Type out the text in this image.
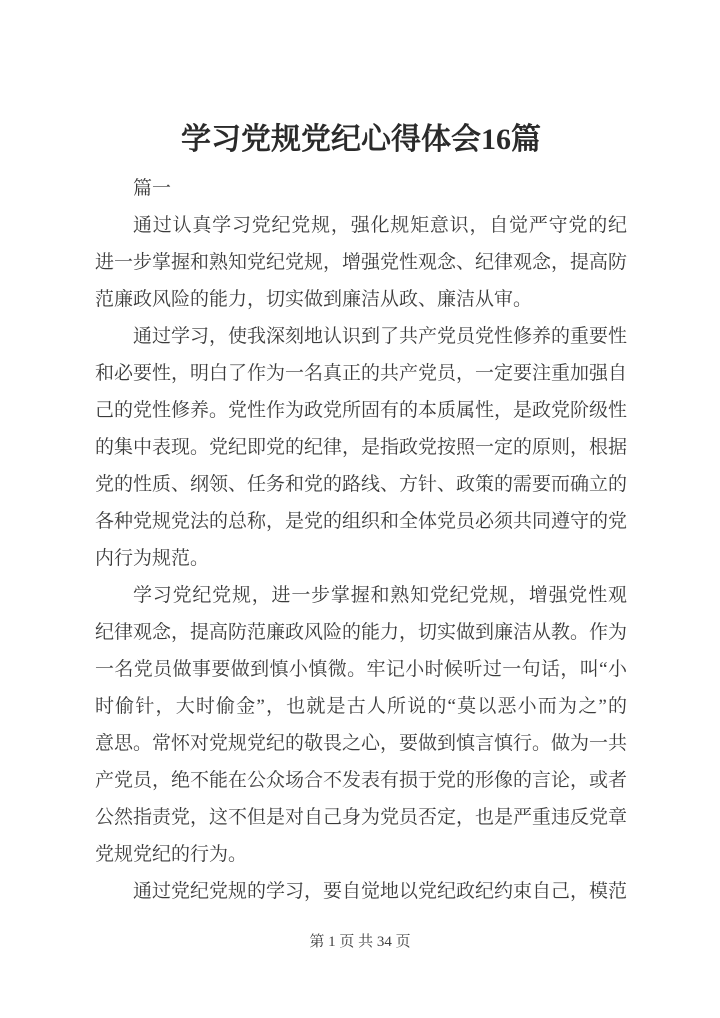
学习党规党纪心得体会16篇
篇一
通过认真学习党纪党规，强化规矩意识，自觉严守党的纪
进一步掌握和熟知党纪党规，增强党性观念、纪律观念，提高防
范廉政风险的能力，切实做到廉洁从政、廉洁从审。
通过学习，使我深刻地认识到了共产党员党性修养的重要性
和必要性，明白了作为一名真正的共产党员，一定要注重加强自
己的党性修养。党性作为政党所固有的本质属性，是政党阶级性
的集中表现。党纪即党的纪律，是指政党按照一定的原则，根据
党的性质、纲领、任务和党的路线、方针、政策的需要而确立的
各种党规党法的总称，是党的组织和全体党员必须共同遵守的党
内行为规范。
学习党纪党规，进一步掌握和熟知党纪党规，增强党性观
纪律观念，提高防范廉政风险的能力，切实做到廉洁从教。作为
一名党员做事要做到慎小慎微。牢记小时候听过一句话，叫“小
时偷针，大时偷金”，也就是古人所说的“莫以恶小而为之”的
意思。常怀对党规党纪的敬畏之心，要做到慎言慎行。做为一共
产党员，绝不能在公众场合不发表有损于党的形像的言论，或者
公然指责党，这不但是对自己身为党员否定，也是严重违反党章
党规党纪的行为。
通过党纪党规的学习，要自觉地以党纪政纪约束自己，模范
第 1 页 共 34 页
